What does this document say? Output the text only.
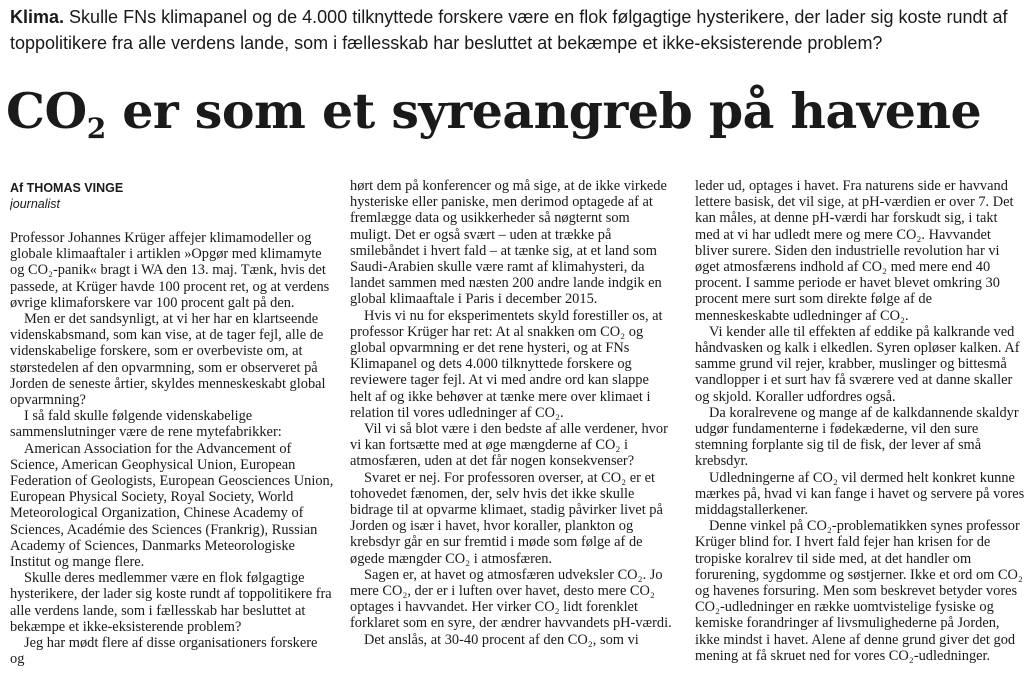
Klima. Skulle FNs klimapanel og de 4.000 tilknyttede forskere være en flok følgagtige hysterikere, der lader sig koste rundt af toppolitikere fra alle verdens lande, som i fællesskab har besluttet at bekæmpe et ikke-eksisterende problem?

$CO_2$ er som et syreangreb på havene

Af THOMAS VINGE

journalist

Professor Johannes Krüger affejer klimamodeller og globale klimaaftaler i artiklen »Opgør med klimamyte og CO₂-panik« bragt i WA den 13. maj. Tænk, hvis det passede, at Krüger havde 100 procent ret, og at verdens øvrige klimaforskere var 100 procent galt på den.

Men er det sandsynligt, at vi her har en klartseende videnskabsmand, som kan vise, at de tager fejl, alle de videnskabelige forskere, som er overbeviste om, at størstedelen af den opvarmning, som er observeret på Jorden de seneste årtier, skyldes menneskeskabt global opvarmning?

I så fald skulle følgende videnskabelige sammenslutninger være de rene mytefabrikker:

American Association for the Advancement of Science, American Geophysical Union, European Federation of Geologists, European Geosciences Union, European Physical Society, Royal Society, World Meteorological Organization, Chinese Academy of Sciences, Académie des Sciences (Frankrig), Russian Academy of Sciences, Danmarks Meteorologiske Institut og mange flere.

Skulle deres medlemmer være en flok følgagtige hysterikere, der lader sig koste rundt af toppolitikere fra alle verdens lande, som i fællesskab har besluttet at bekæmpe et ikke-eksisterende problem?

Jeg har mødt flere af disse organisationers forskere og

hørt dem på konferencer og må sige, at de ikke virkede hysteriske eller paniske, men derimod optagede af at fremlægge data og usikkerheder så nøgternt som muligt. Det er også svært – uden at trække på smilebåndet i hvert fald – at tænke sig, at et land som Saudi-Arabien skulle være ramt af klimahysteri, da landet sammen med næsten 200 andre lande indgik en global klimaaftale i Paris i december 2015.

Hvis vi nu for eksperimentets skyld forestiller os, at professor Krüger har ret: At al snakken om CO₂ og global opvarmning er det rene hysteri, og at FNs Klimapanel og dets 4.000 tilknyttede forskere og reviewere tager fejl. At vi med andre ord kan slappe helt af og ikke behøver at tænke mere over klimaet i relation til vores udledninger af CO₂.

Vil vi så blot være i den bedste af alle verdener, hvor vi kan fortsætte med at øge mængderne af CO₂ i atmosfæren, uden at det får nogen konsekvenser?

Svaret er nej. For professoren overser, at CO₂ er et tohovedet fænomen, der, selv hvis det ikke skulle bidrage til at opvarme klimaet, stadig påvirker livet på Jorden og især i havet, hvor koraller, plankton og krebsdyr går en sur fremtid i møde som følge af de øgede mængder CO₂ i atmosfæren.

Sagen er, at havet og atmosfæren udveksler CO₂. Jo mere CO₂, der er i luften over havet, desto mere CO₂ optages i havvandet. Her virker CO₂ lidt forenklet forklaret som en syre, der ændrer havvandets pH-værdi.

Det anslås, at 30-40 procent af den CO₂, som vi

leder ud, optages i havet. Fra naturens side er havvand lettere basisk, det vil sige, at pH-værdien er over 7. Det kan måles, at denne pH-værdi har forskudt sig, i takt med at vi har udledt mere og mere CO₂. Havvandet bliver surere. Siden den industrielle revolution har vi øget atmosfærens indhold af CO₂ med mere end 40 procent. I samme periode er havet blevet omkring 30 procent mere surt som direkte følge af de menneskeskabte udledninger af CO₂.

Vi kender alle til effekten af eddike på kalkrande ved håndvasken og kalk i elkedlen. Syren opløser kalken. Af samme grund vil rejer, krabber, muslinger og bittesmå vandlopper i et surt hav få sværere ved at danne skaller og skjold. Koraller udfordres også.

Da koralrevene og mange af de kalkdannende skaldyr udgør fundamenterne i fødekæderne, vil den sure stemning forplante sig til de fisk, der lever af små krebsdyr.

Udledningerne af CO₂ vil dermed helt konkret kunne mærkes på, hvad vi kan fange i havet og servere på vores middagstallerkener.

Denne vinkel på CO₂-problematikken synes professor Krüger blind for. I hvert fald fejer han krisen for de tropiske koralrev til side med, at det handler om forurening, sygdomme og søstjerner. Ikke et ord om CO₂ og havenes forsuring. Men som beskrevet betyder vores CO₂-udledninger en række uomtvistelige fysiske og kemiske forandringer af livsmulighederne på Jorden, ikke mindst i havet. Alene af denne grund giver det god mening at få skruet ned for vores CO₂-udledninger.
